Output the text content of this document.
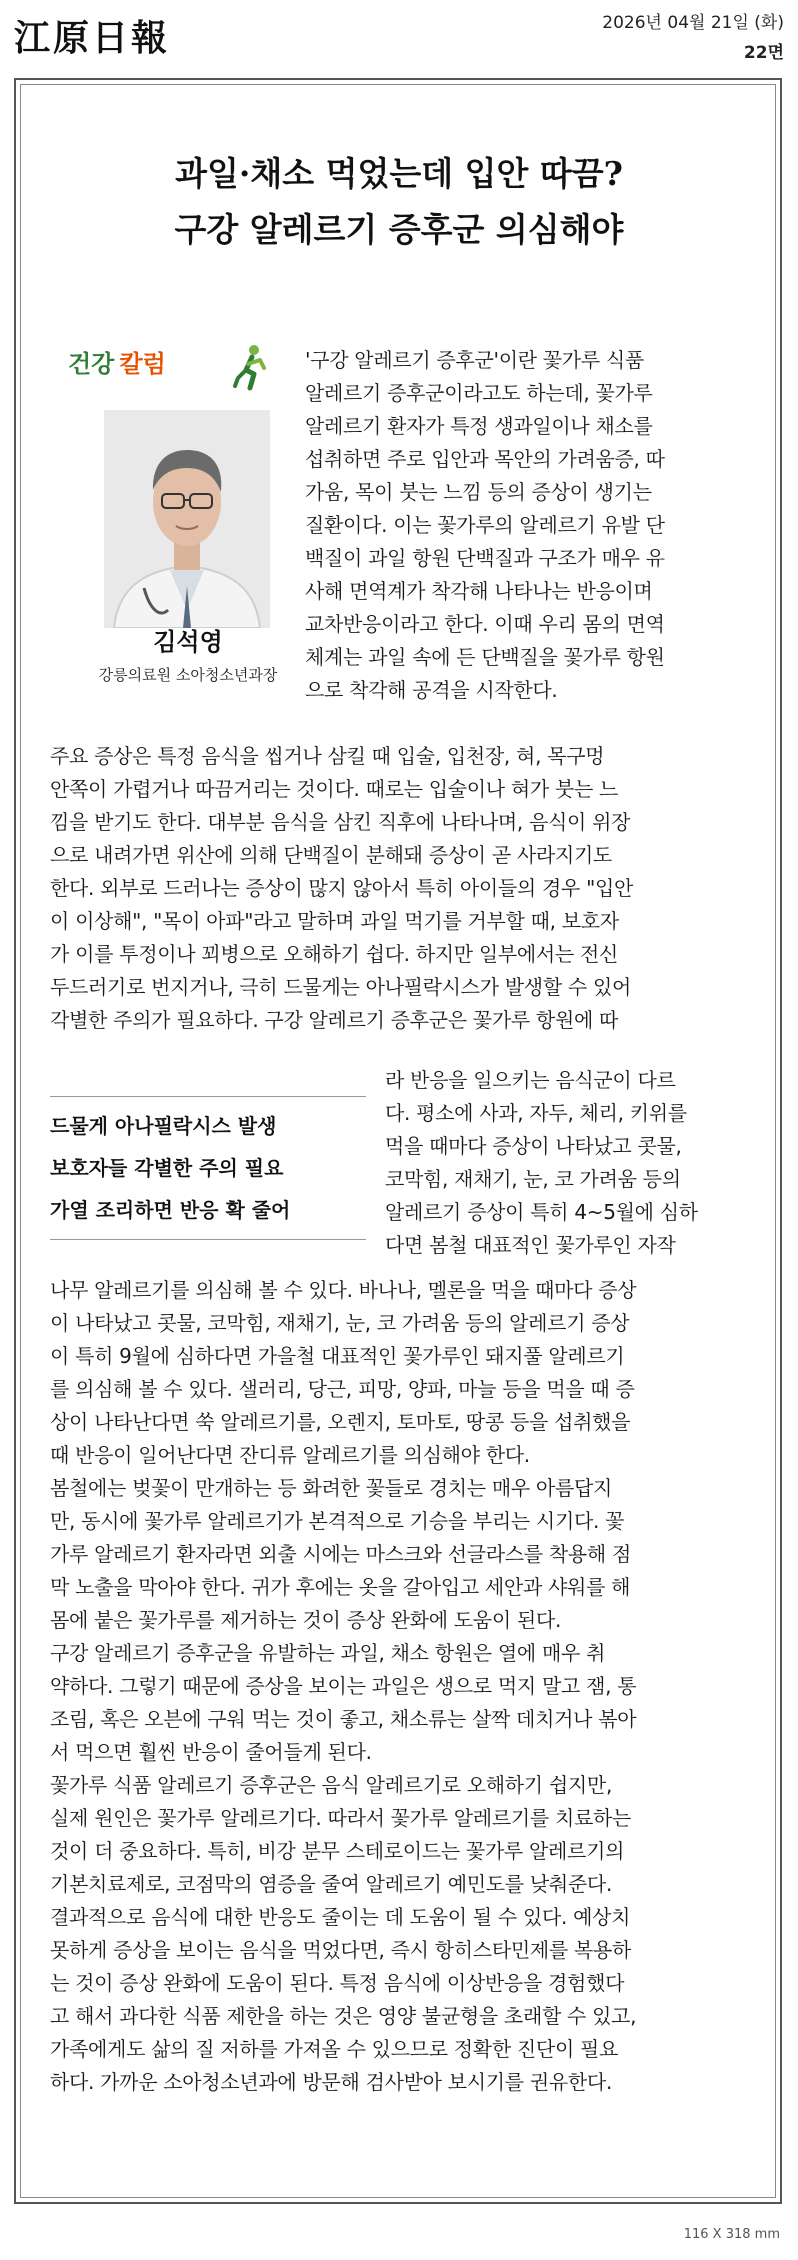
江原日報	2026년 04월 21일 (화)
22면
과일·채소 먹었는데 입안 따끔?
구강 알레르기 증후군 의심해야
건강 칼럼
김석영
강릉의료원 소아청소년과장
'구강 알레르기 증후군'이란 꽃가루 식품
알레르기 증후군이라고도 하는데, 꽃가루
알레르기 환자가 특정 생과일이나 채소를
섭취하면 주로 입안과 목안의 가려움증, 따
가움, 목이 붓는 느낌 등의 증상이 생기는
질환이다. 이는 꽃가루의 알레르기 유발 단
백질이 과일 항원 단백질과 구조가 매우 유
사해 면역계가 착각해 나타나는 반응이며
교차반응이라고 한다. 이때 우리 몸의 면역
체계는 과일 속에 든 단백질을 꽃가루 항원
으로 착각해 공격을 시작한다.
주요 증상은 특정 음식을 씹거나 삼킬 때 입술, 입천장, 혀, 목구멍
안쪽이 가렵거나 따끔거리는 것이다. 때로는 입술이나 혀가 붓는 느
낌을 받기도 한다. 대부분 음식을 삼킨 직후에 나타나며, 음식이 위장
으로 내려가면 위산에 의해 단백질이 분해돼 증상이 곧 사라지기도
한다. 외부로 드러나는 증상이 많지 않아서 특히 아이들의 경우 "입안
이 이상해", "목이 아파"라고 말하며 과일 먹기를 거부할 때, 보호자
가 이를 투정이나 꾀병으로 오해하기 쉽다. 하지만 일부에서는 전신
두드러기로 번지거나, 극히 드물게는 아나필락시스가 발생할 수 있어
각별한 주의가 필요하다. 구강 알레르기 증후군은 꽃가루 항원에 따
드물게 아나필락시스 발생
보호자들 각별한 주의 필요
가열 조리하면 반응 확 줄어
라 반응을 일으키는 음식군이 다르
다. 평소에 사과, 자두, 체리, 키위를
먹을 때마다 증상이 나타났고 콧물,
코막힘, 재채기, 눈, 코 가려움 등의
알레르기 증상이 특히 4~5월에 심하
다면 봄철 대표적인 꽃가루인 자작
나무 알레르기를 의심해 볼 수 있다. 바나나, 멜론을 먹을 때마다 증상
이 나타났고 콧물, 코막힘, 재채기, 눈, 코 가려움 등의 알레르기 증상
이 특히 9월에 심하다면 가을철 대표적인 꽃가루인 돼지풀 알레르기
를 의심해 볼 수 있다. 샐러리, 당근, 피망, 양파, 마늘 등을 먹을 때 증
상이 나타난다면 쑥 알레르기를, 오렌지, 토마토, 땅콩 등을 섭취했을
때 반응이 일어난다면 잔디류 알레르기를 의심해야 한다.
봄철에는 벚꽃이 만개하는 등 화려한 꽃들로 경치는 매우 아름답지
만, 동시에 꽃가루 알레르기가 본격적으로 기승을 부리는 시기다. 꽃
가루 알레르기 환자라면 외출 시에는 마스크와 선글라스를 착용해 점
막 노출을 막아야 한다. 귀가 후에는 옷을 갈아입고 세안과 샤워를 해
몸에 붙은 꽃가루를 제거하는 것이 증상 완화에 도움이 된다.
구강 알레르기 증후군을 유발하는 과일, 채소 항원은 열에 매우 취
약하다. 그렇기 때문에 증상을 보이는 과일은 생으로 먹지 말고 잼, 통
조림, 혹은 오븐에 구워 먹는 것이 좋고, 채소류는 살짝 데치거나 볶아
서 먹으면 훨씬 반응이 줄어들게 된다.
꽃가루 식품 알레르기 증후군은 음식 알레르기로 오해하기 쉽지만,
실제 원인은 꽃가루 알레르기다. 따라서 꽃가루 알레르기를 치료하는
것이 더 중요하다. 특히, 비강 분무 스테로이드는 꽃가루 알레르기의
기본치료제로, 코점막의 염증을 줄여 알레르기 예민도를 낮춰준다.
결과적으로 음식에 대한 반응도 줄이는 데 도움이 될 수 있다. 예상치
못하게 증상을 보이는 음식을 먹었다면, 즉시 항히스타민제를 복용하
는 것이 증상 완화에 도움이 된다. 특정 음식에 이상반응을 경험했다
고 해서 과다한 식품 제한을 하는 것은 영양 불균형을 초래할 수 있고,
가족에게도 삶의 질 저하를 가져올 수 있으므로 정확한 진단이 필요
하다. 가까운 소아청소년과에 방문해 검사받아 보시기를 권유한다.
116 X 318 mm
